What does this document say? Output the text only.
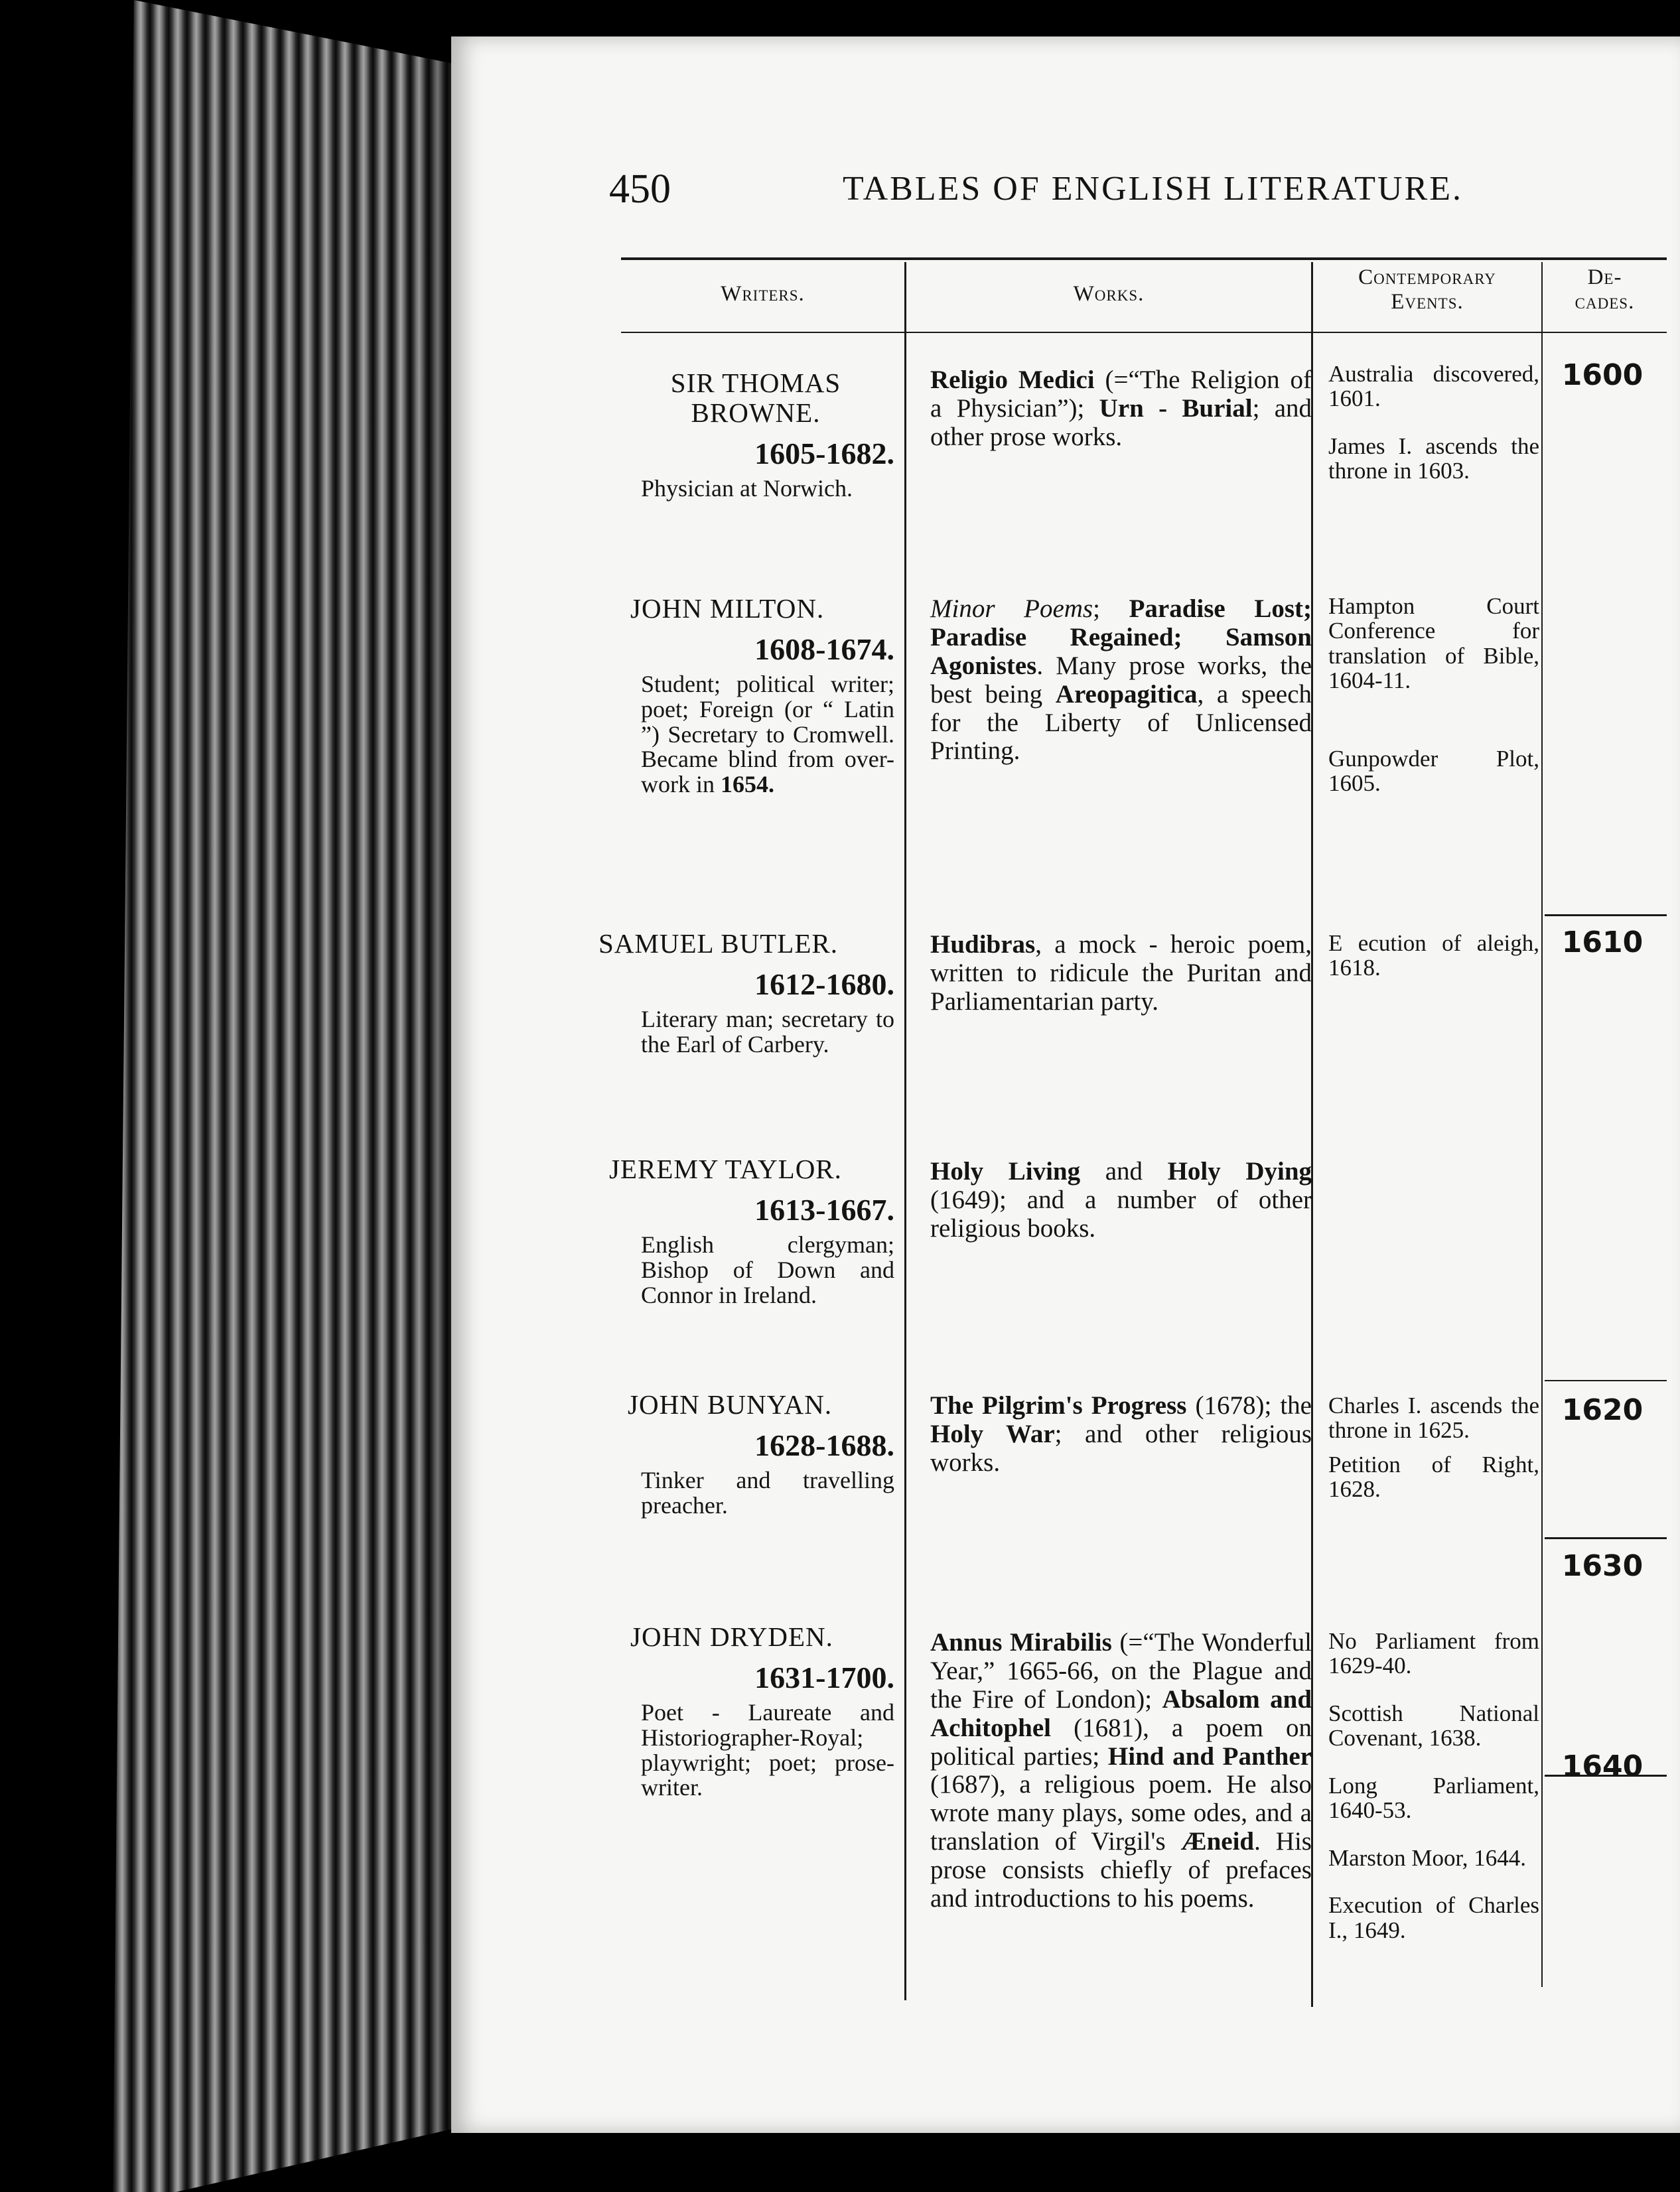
450	TABLES OF ENGLISH LITERATURE.
Writers.	Works.
Contemporary
Events.
De-
cades.
SIR THOMAS
BROWNE.
1605-1682.
Physician at Norwich.
Religio Medici (=“The Religion of a Physician”); Urn - Burial; and other prose works.
JOHN MILTON.
1608-1674.
Student; political writer; poet; Foreign (or “ Latin ”) Secretary to Cromwell. Became blind from over-work in 1654.
Minor Poems; Paradise Lost; Paradise Regained; Samson Agonistes. Many prose works, the best being Areopagitica, a speech for the Liberty of Unlicensed Printing.
SAMUEL BUTLER.
1612-1680.
Literary man; secretary to the Earl of Carbery.
Hudibras, a mock - heroic poem, written to ridicule the Puritan and Parliamentarian party.
JEREMY TAYLOR.
1613-1667.
English clergyman; Bishop of Down and Connor in Ireland.
Holy Living and Holy Dying (1649); and a number of other religious books.
JOHN BUNYAN.
1628-1688.
Tinker and travelling preacher.
The Pilgrim's Progress (1678); the Holy War; and other religious works.
JOHN DRYDEN.
1631-1700.
Poet - Laureate and Historiographer-Royal; playwright; poet; prose-writer.
Annus Mirabilis (=“The Wonderful Year,” 1665-66, on the Plague and the Fire of London); Absalom and Achitophel (1681), a poem on political parties; Hind and Panther (1687), a religious poem. He also wrote many plays, some odes, and a translation of Virgil's Æneid. His prose consists chiefly of prefaces and introductions to his poems.
Australia discovered, 1601.
James I. ascends the throne in 1603.
Hampton Court Conference for translation of Bible, 1604-11.
Gunpowder Plot, 1605.
E ecution of aleigh, 1618.
Charles I. ascends the throne in 1625.
Petition of Right, 1628.
No Parliament from 1629-40.
Scottish National Covenant, 1638.
Long Parliament, 1640-53.
Marston Moor, 1644.
Execution of Charles I., 1649.
1600
1610
1620
1630
1640
